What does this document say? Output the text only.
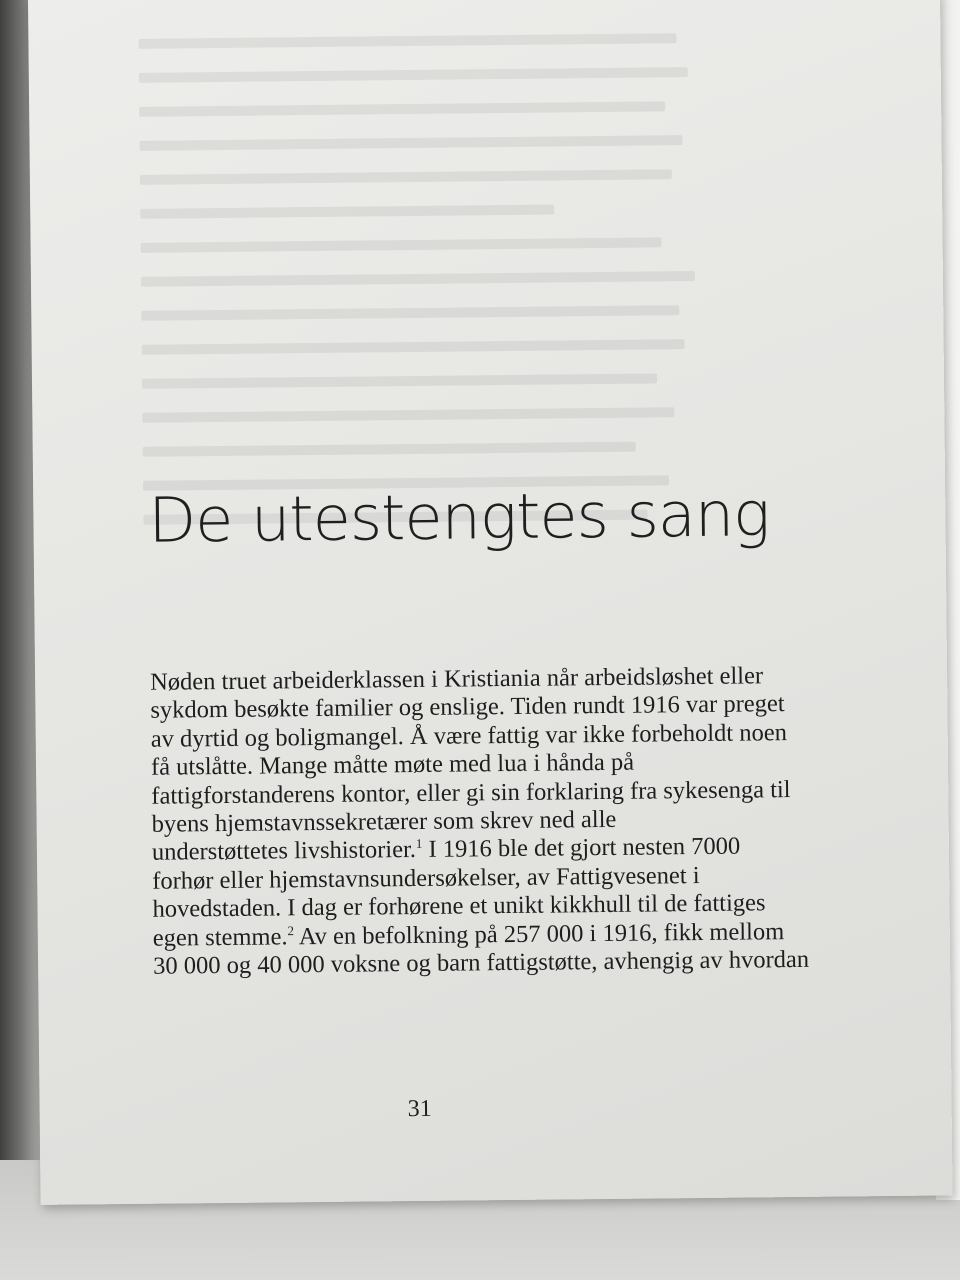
De utestengtes sang
Nøden truet arbeiderklassen i Kristiania når arbeidsløshet eller
sykdom besøkte familier og enslige. Tiden rundt 1916 var preget
av dyrtid og boligmangel. Å være fattig var ikke forbeholdt noen
få utslåtte. Mange måtte møte med lua i hånda på
fattigforstanderens kontor, eller gi sin forklaring fra sykesenga til
byens hjemstavnssekretærer som skrev ned alle
understøttetes livshistorier.$^1$ I 1916 ble det gjort nesten 7000
forhør eller hjemstavnsundersøkelser, av Fattigvesenet i
hovedstaden. I dag er forhørene et unikt kikkhull til de fattiges
egen stemme.$^2$ Av en befolkning på 257 000 i 1916, fikk mellom
30 000 og 40 000 voksne og barn fattigstøtte, avhengig av hvordan
31
